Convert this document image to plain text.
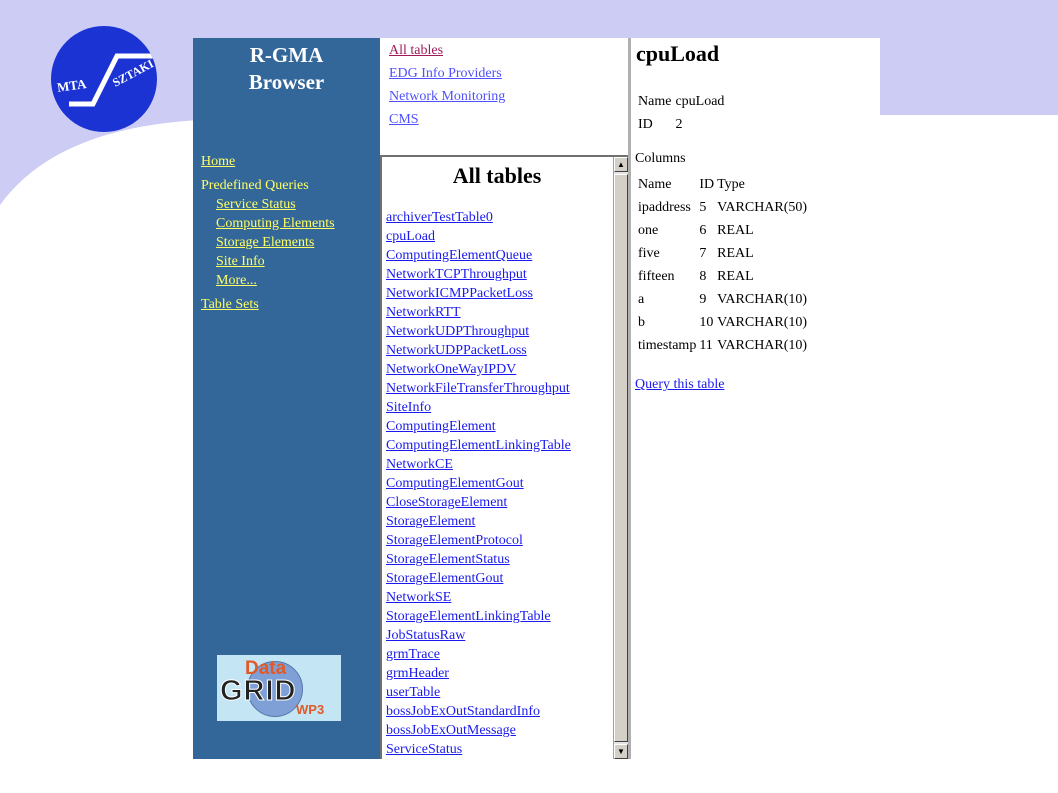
MTA SZTAKI
R-GMA
Browser
Home
Predefined Queries
Service Status
Computing Elements
Storage Elements
Site Info
More...
Table Sets
Data
GRID
WP3
All tables
EDG Info Providers
Network Monitoring
CMS
All tables
archiverTestTable0
cpuLoad
ComputingElementQueue
NetworkTCPThroughput
NetworkICMPPacketLoss
NetworkRTT
NetworkUDPThroughput
NetworkUDPPacketLoss
NetworkOneWayIPDV
NetworkFileTransferThroughput
SiteInfo
ComputingElement
ComputingElementLinkingTable
NetworkCE
ComputingElementGout
CloseStorageElement
StorageElement
StorageElementProtocol
StorageElementStatus
StorageElementGout
NetworkSE
StorageElementLinkingTable
JobStatusRaw
grmTrace
grmHeader
userTable
bossJobExOutStandardInfo
bossJobExOutMessage
ServiceStatus
▲
▼
cpuLoad
Name	cpuLoad
ID	2
Columns
Name	ID	Type
ipaddress	5	VARCHAR(50)
one	6	REAL
five	7	REAL
fifteen	8	REAL
a	9	VARCHAR(10)
b	10	VARCHAR(10)
timestamp	11	VARCHAR(10)
Query this table
